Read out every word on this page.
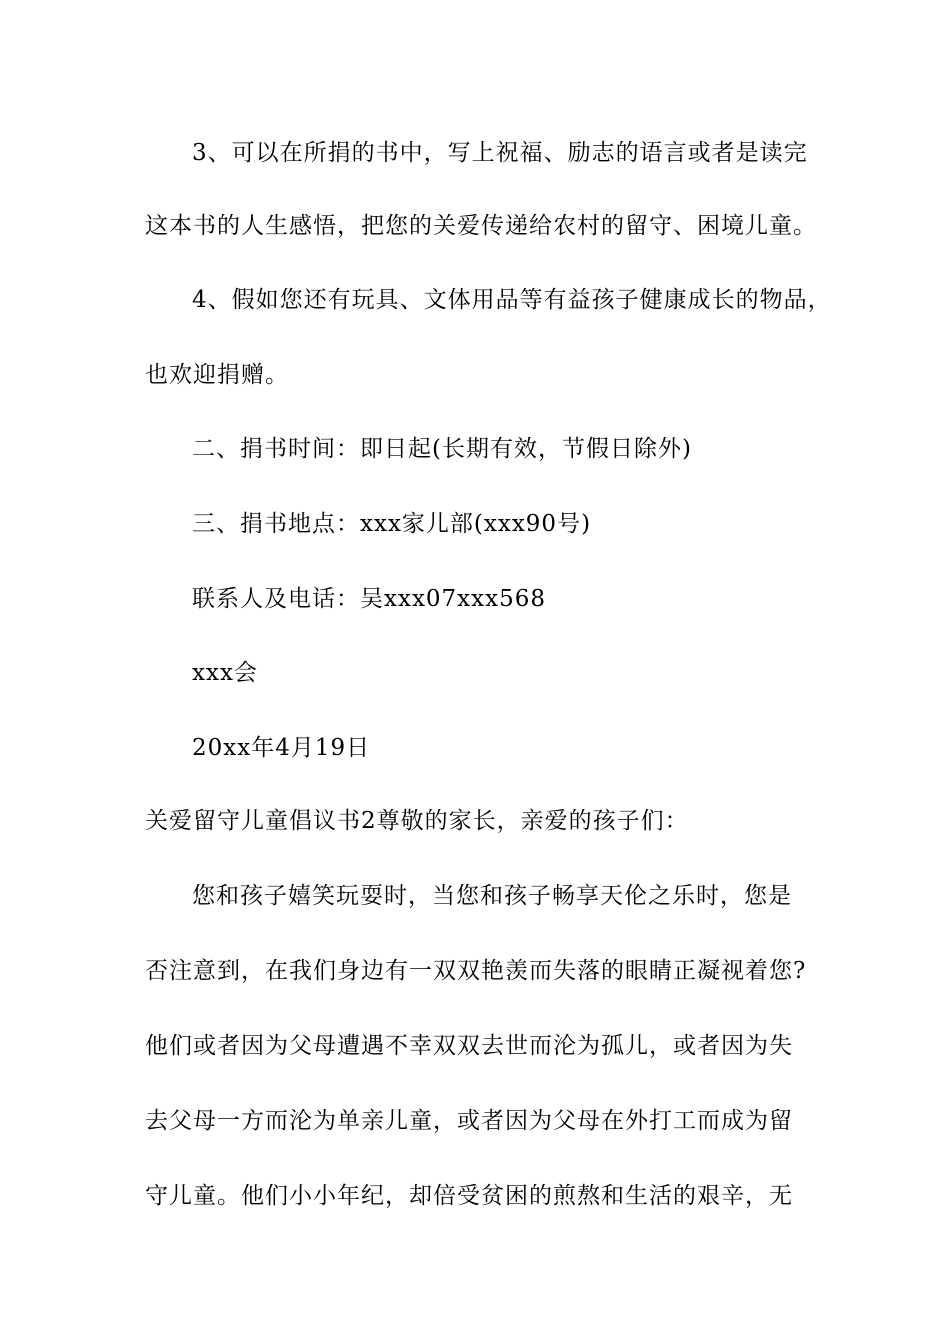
3、可以在所捐的书中，写上祝福、励志的语言或者是读完
这本书的人生感悟，把您的关爱传递给农村的留守、困境儿童。
4、假如您还有玩具、文体用品等有益孩子健康成长的物品，
也欢迎捐赠。
二、捐书时间：即日起(长期有效，节假日除外)
三、捐书地点：xxx家儿部(xxx90号)
联系人及电话：吴xxx07xxx568
xxx会
20xx年4月19日
关爱留守儿童倡议书2尊敬的家长，亲爱的孩子们：
您和孩子嬉笑玩耍时，当您和孩子畅享天伦之乐时，您是
否注意到，在我们身边有一双双艳羡而失落的眼睛正凝视着您?
他们或者因为父母遭遇不幸双双去世而沦为孤儿，或者因为失
去父母一方而沦为单亲儿童，或者因为父母在外打工而成为留
守儿童。他们小小年纪，却倍受贫困的煎熬和生活的艰辛，无
